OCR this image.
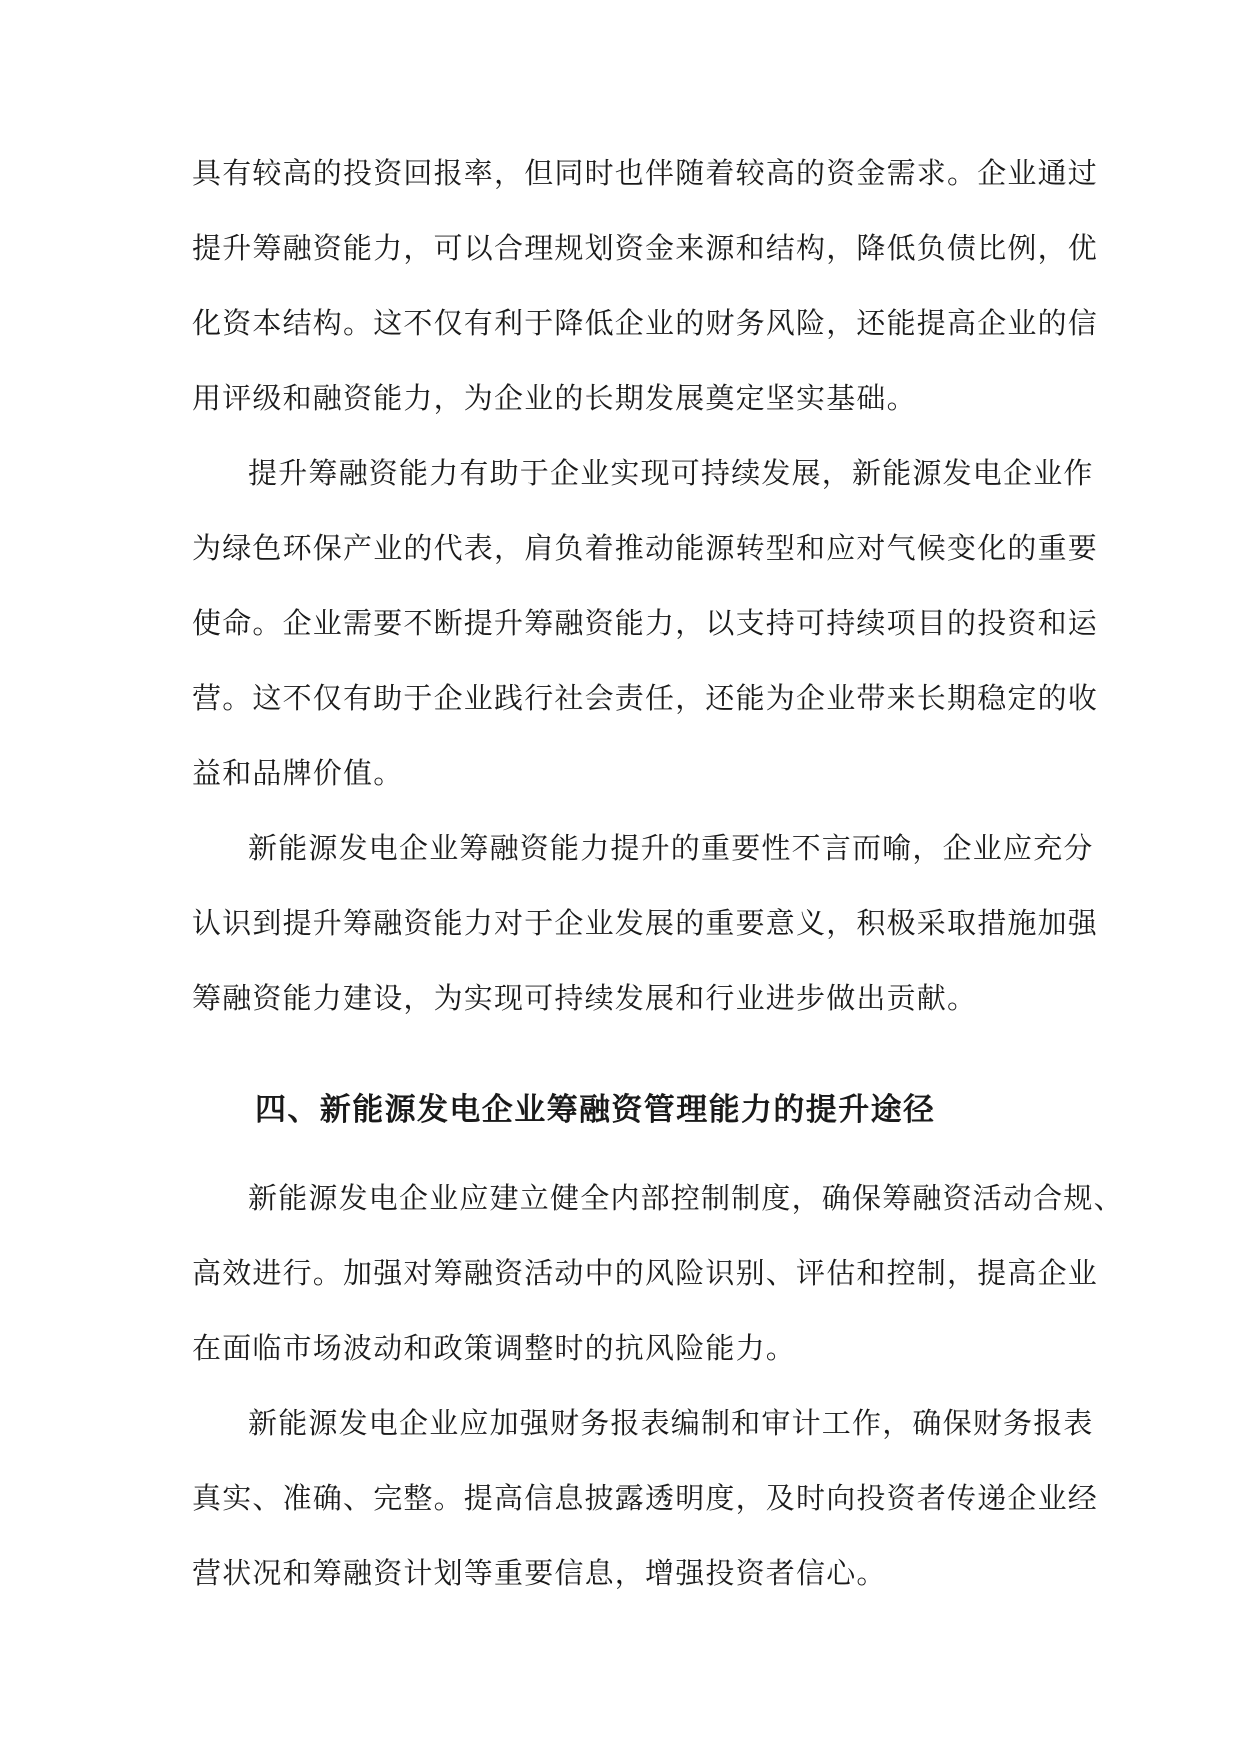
具有较高的投资回报率，但同时也伴随着较高的资金需求。企业通过
提升筹融资能力，可以合理规划资金来源和结构，降低负债比例，优
化资本结构。这不仅有利于降低企业的财务风险，还能提高企业的信
用评级和融资能力，为企业的长期发展奠定坚实基础。
提升筹融资能力有助于企业实现可持续发展，新能源发电企业作
为绿色环保产业的代表，肩负着推动能源转型和应对气候变化的重要
使命。企业需要不断提升筹融资能力，以支持可持续项目的投资和运
营。这不仅有助于企业践行社会责任，还能为企业带来长期稳定的收
益和品牌价值。
新能源发电企业筹融资能力提升的重要性不言而喻，企业应充分
认识到提升筹融资能力对于企业发展的重要意义，积极采取措施加强
筹融资能力建设，为实现可持续发展和行业进步做出贡献。
四、新能源发电企业筹融资管理能力的提升途径
新能源发电企业应建立健全内部控制制度，确保筹融资活动合规、
高效进行。加强对筹融资活动中的风险识别、评估和控制，提高企业
在面临市场波动和政策调整时的抗风险能力。
新能源发电企业应加强财务报表编制和审计工作，确保财务报表
真实、准确、完整。提高信息披露透明度，及时向投资者传递企业经
营状况和筹融资计划等重要信息，增强投资者信心。
